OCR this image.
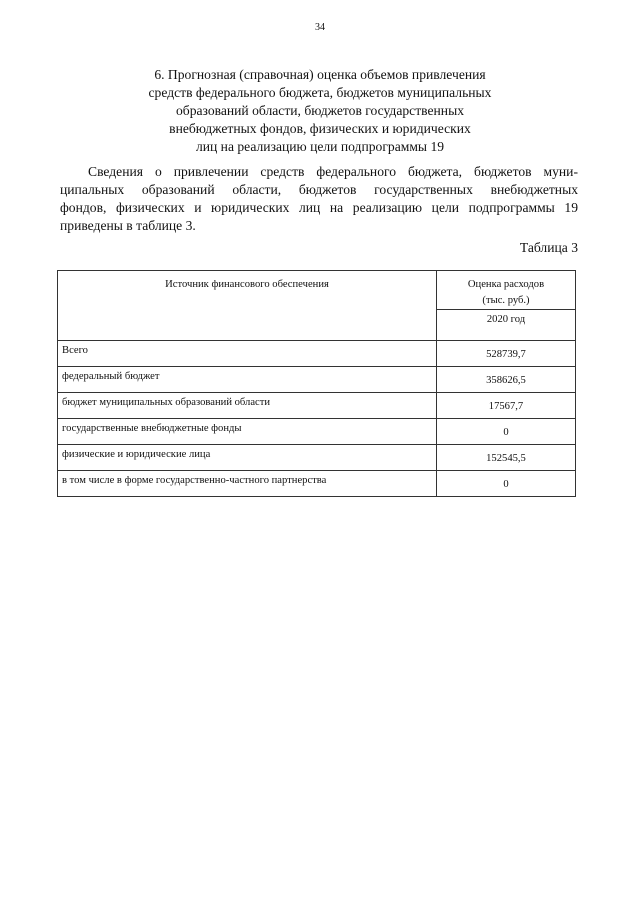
34
6. Прогнозная (справочная) оценка объемов привлечения
средств федерального бюджета, бюджетов муниципальных
образований области, бюджетов государственных
внебюджетных фондов, физических и юридических
лиц на реализацию цели подпрограммы 19
Сведения о привлечении средств федерального бюджета, бюджетов муни-
ципальных образований области, бюджетов государственных внебюджетных
фондов, физических и юридических лиц на реализацию цели подпрограммы 19
приведены в таблице 3.
Таблица 3
Источник финансового обеспечения	Оценка расходов
(тыс. руб.)

	2020 год
Всего	528739,7
федеральный бюджет	358626,5
бюджет муниципальных образований области	17567,7
государственные внебюджетные фонды	0
физические и юридические лица	152545,5
в том числе в форме государственно-частного партнерства	0
